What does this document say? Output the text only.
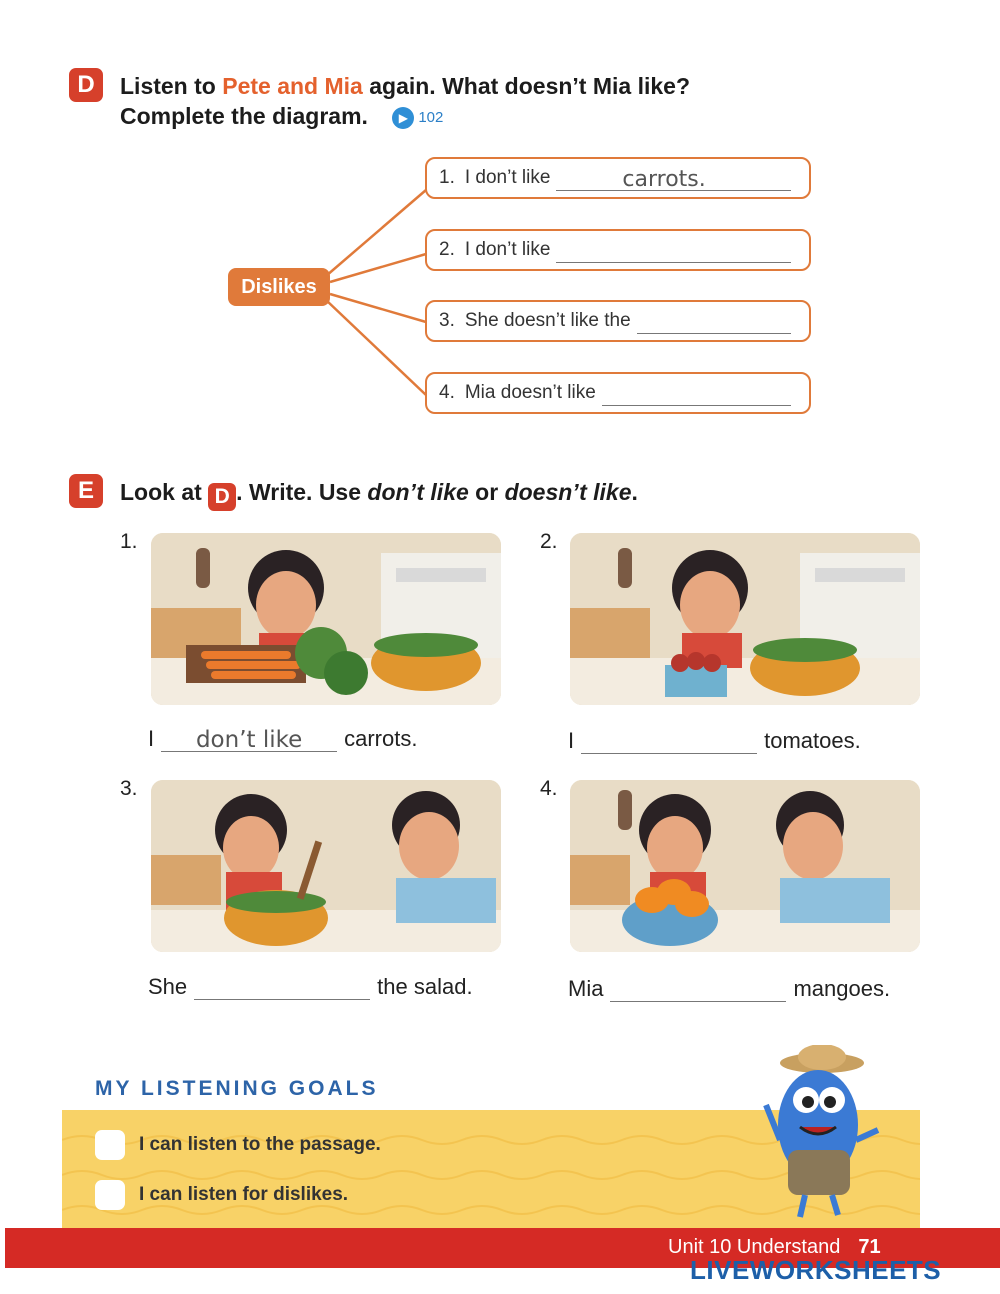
D	Listen to Pete and Mia again. What doesn’t Mia like?
Complete the diagram.	▶ 102
Dislikes
1. I don’t like	carrots.
2. I don’t like
3. She doesn’t like the
4. Mia doesn’t like
E	Look at D . Write. Use don’t like or doesn’t like.
1.
I	don’t like	carrots.
2.
I	tomatoes.
3.
She	the salad.
4.
Mia	mangoes.
MY LISTENING GOALS
I can listen to the passage.
I can listen for dislikes.
Unit 10 Understand 71
LIVEWORKSHEETS
